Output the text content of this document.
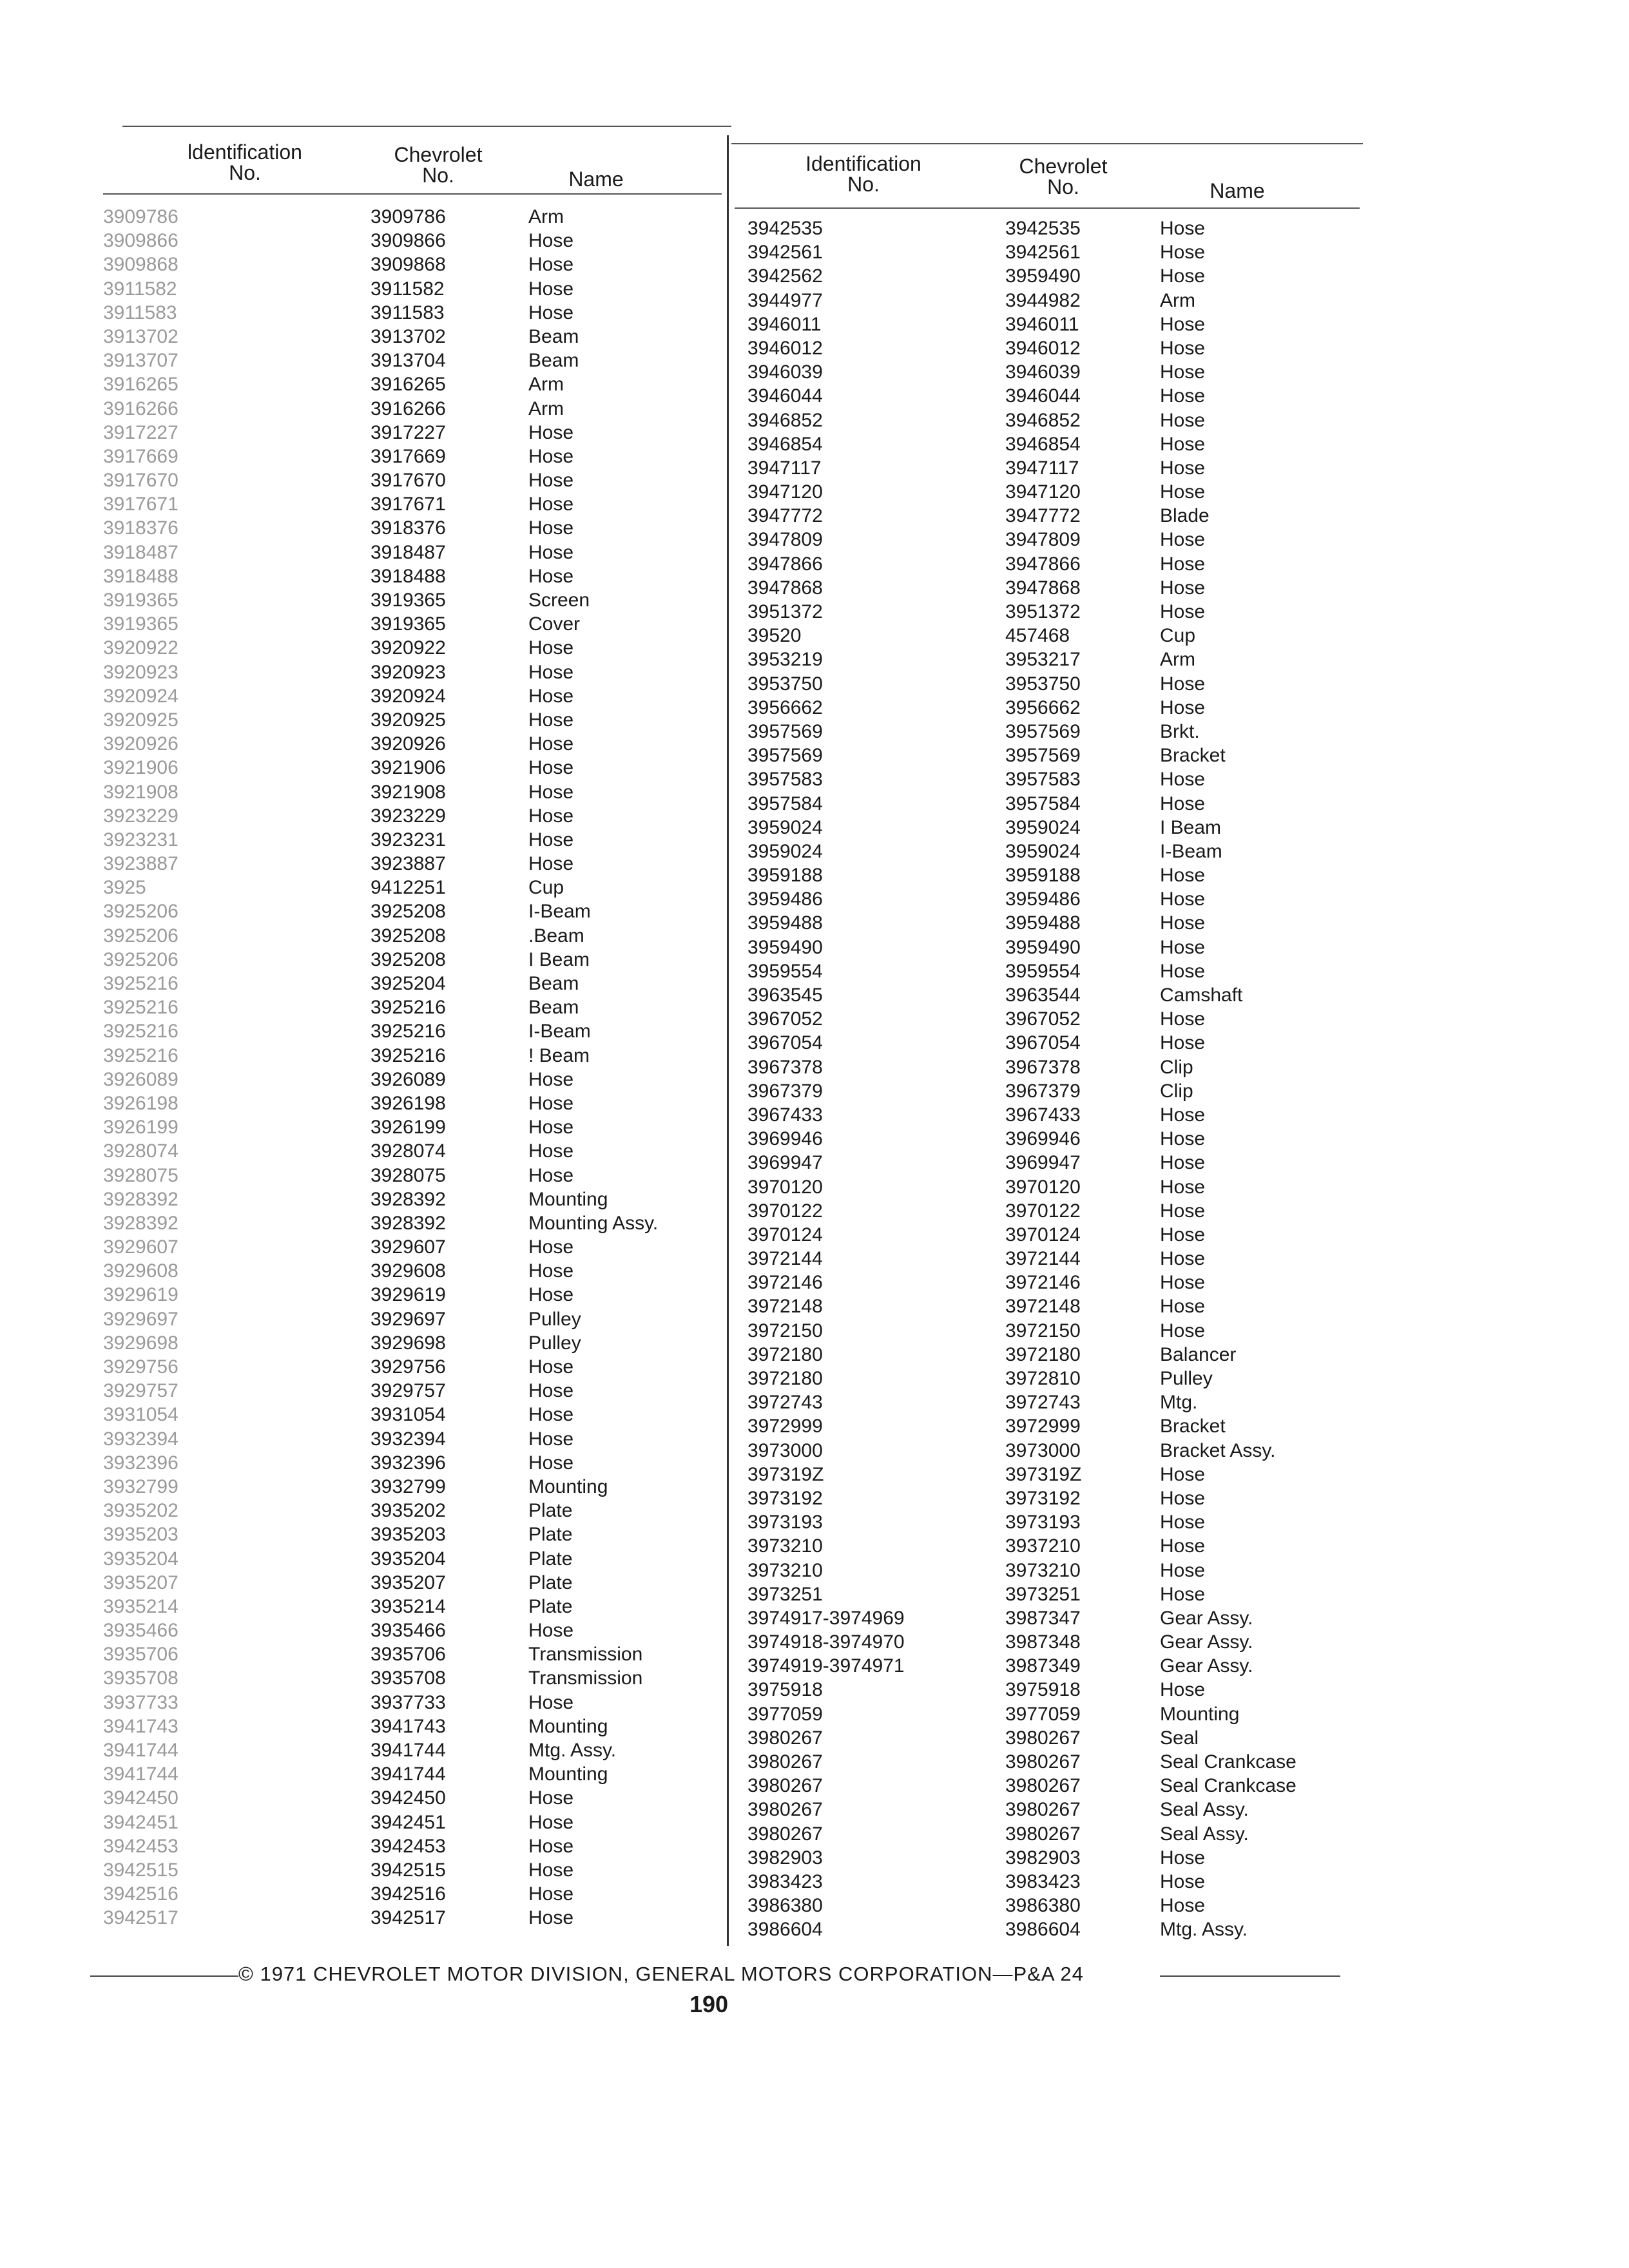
ldentification
No.
Chevrolet
No.	Name
Identification
No.
Chevrolet
No.	Name
3909786	3909786	Arm
3909866	3909866	Hose
3909868	3909868	Hose
3911582	3911582	Hose
3911583	3911583	Hose
3913702	3913702	Beam
3913707	3913704	Beam
3916265	3916265	Arm
3916266	3916266	Arm
3917227	3917227	Hose
3917669	3917669	Hose
3917670	3917670	Hose
3917671	3917671	Hose
3918376	3918376	Hose
3918487	3918487	Hose
3918488	3918488	Hose
3919365	3919365	Screen
3919365	3919365	Cover
3920922	3920922	Hose
3920923	3920923	Hose
3920924	3920924	Hose
3920925	3920925	Hose
3920926	3920926	Hose
3921906	3921906	Hose
3921908	3921908	Hose
3923229	3923229	Hose
3923231	3923231	Hose
3923887	3923887	Hose
3925	9412251	Cup
3925206	3925208	I-Beam
3925206	3925208	.Beam
3925206	3925208	I Beam
3925216	3925204	Beam
3925216	3925216	Beam
3925216	3925216	I-Beam
3925216	3925216	! Beam
3926089	3926089	Hose
3926198	3926198	Hose
3926199	3926199	Hose
3928074	3928074	Hose
3928075	3928075	Hose
3928392	3928392	Mounting
3928392	3928392	Mounting Assy.
3929607	3929607	Hose
3929608	3929608	Hose
3929619	3929619	Hose
3929697	3929697	Pulley
3929698	3929698	Pulley
3929756	3929756	Hose
3929757	3929757	Hose
3931054	3931054	Hose
3932394	3932394	Hose
3932396	3932396	Hose
3932799	3932799	Mounting
3935202	3935202	Plate
3935203	3935203	Plate
3935204	3935204	Plate
3935207	3935207	Plate
3935214	3935214	Plate
3935466	3935466	Hose
3935706	3935706	Transmission
3935708	3935708	Transmission
3937733	3937733	Hose
3941743	3941743	Mounting
3941744	3941744	Mtg. Assy.
3941744	3941744	Mounting
3942450	3942450	Hose
3942451	3942451	Hose
3942453	3942453	Hose
3942515	3942515	Hose
3942516	3942516	Hose
3942517	3942517	Hose
3942535	3942535	Hose
3942561	3942561	Hose
3942562	3959490	Hose
3944977	3944982	Arm
3946011	3946011	Hose
3946012	3946012	Hose
3946039	3946039	Hose
3946044	3946044	Hose
3946852	3946852	Hose
3946854	3946854	Hose
3947117	3947117	Hose
3947120	3947120	Hose
3947772	3947772	Blade
3947809	3947809	Hose
3947866	3947866	Hose
3947868	3947868	Hose
3951372	3951372	Hose
39520	457468	Cup
3953219	3953217	Arm
3953750	3953750	Hose
3956662	3956662	Hose
3957569	3957569	Brkt.
3957569	3957569	Bracket
3957583	3957583	Hose
3957584	3957584	Hose
3959024	3959024	I Beam
3959024	3959024	I-Beam
3959188	3959188	Hose
3959486	3959486	Hose
3959488	3959488	Hose
3959490	3959490	Hose
3959554	3959554	Hose
3963545	3963544	Camshaft
3967052	3967052	Hose
3967054	3967054	Hose
3967378	3967378	Clip
3967379	3967379	Clip
3967433	3967433	Hose
3969946	3969946	Hose
3969947	3969947	Hose
3970120	3970120	Hose
3970122	3970122	Hose
3970124	3970124	Hose
3972144	3972144	Hose
3972146	3972146	Hose
3972148	3972148	Hose
3972150	3972150	Hose
3972180	3972180	Balancer
3972180	3972810	Pulley
3972743	3972743	Mtg.
3972999	3972999	Bracket
3973000	3973000	Bracket Assy.
397319Z	397319Z	Hose
3973192	3973192	Hose
3973193	3973193	Hose
3973210	3937210	Hose
3973210	3973210	Hose
3973251	3973251	Hose
3974917-3974969	3987347	Gear Assy.
3974918-3974970	3987348	Gear Assy.
3974919-3974971	3987349	Gear Assy.
3975918	3975918	Hose
3977059	3977059	Mounting
3980267	3980267	Seal
3980267	3980267	Seal Crankcase
3980267	3980267	Seal Crankcase
3980267	3980267	Seal Assy.
3980267	3980267	Seal Assy.
3982903	3982903	Hose
3983423	3983423	Hose
3986380	3986380	Hose
3986604	3986604	Mtg. Assy.
© 1971 CHEVROLET MOTOR DIVISION, GENERAL MOTORS CORPORATION—P&A 24
190
